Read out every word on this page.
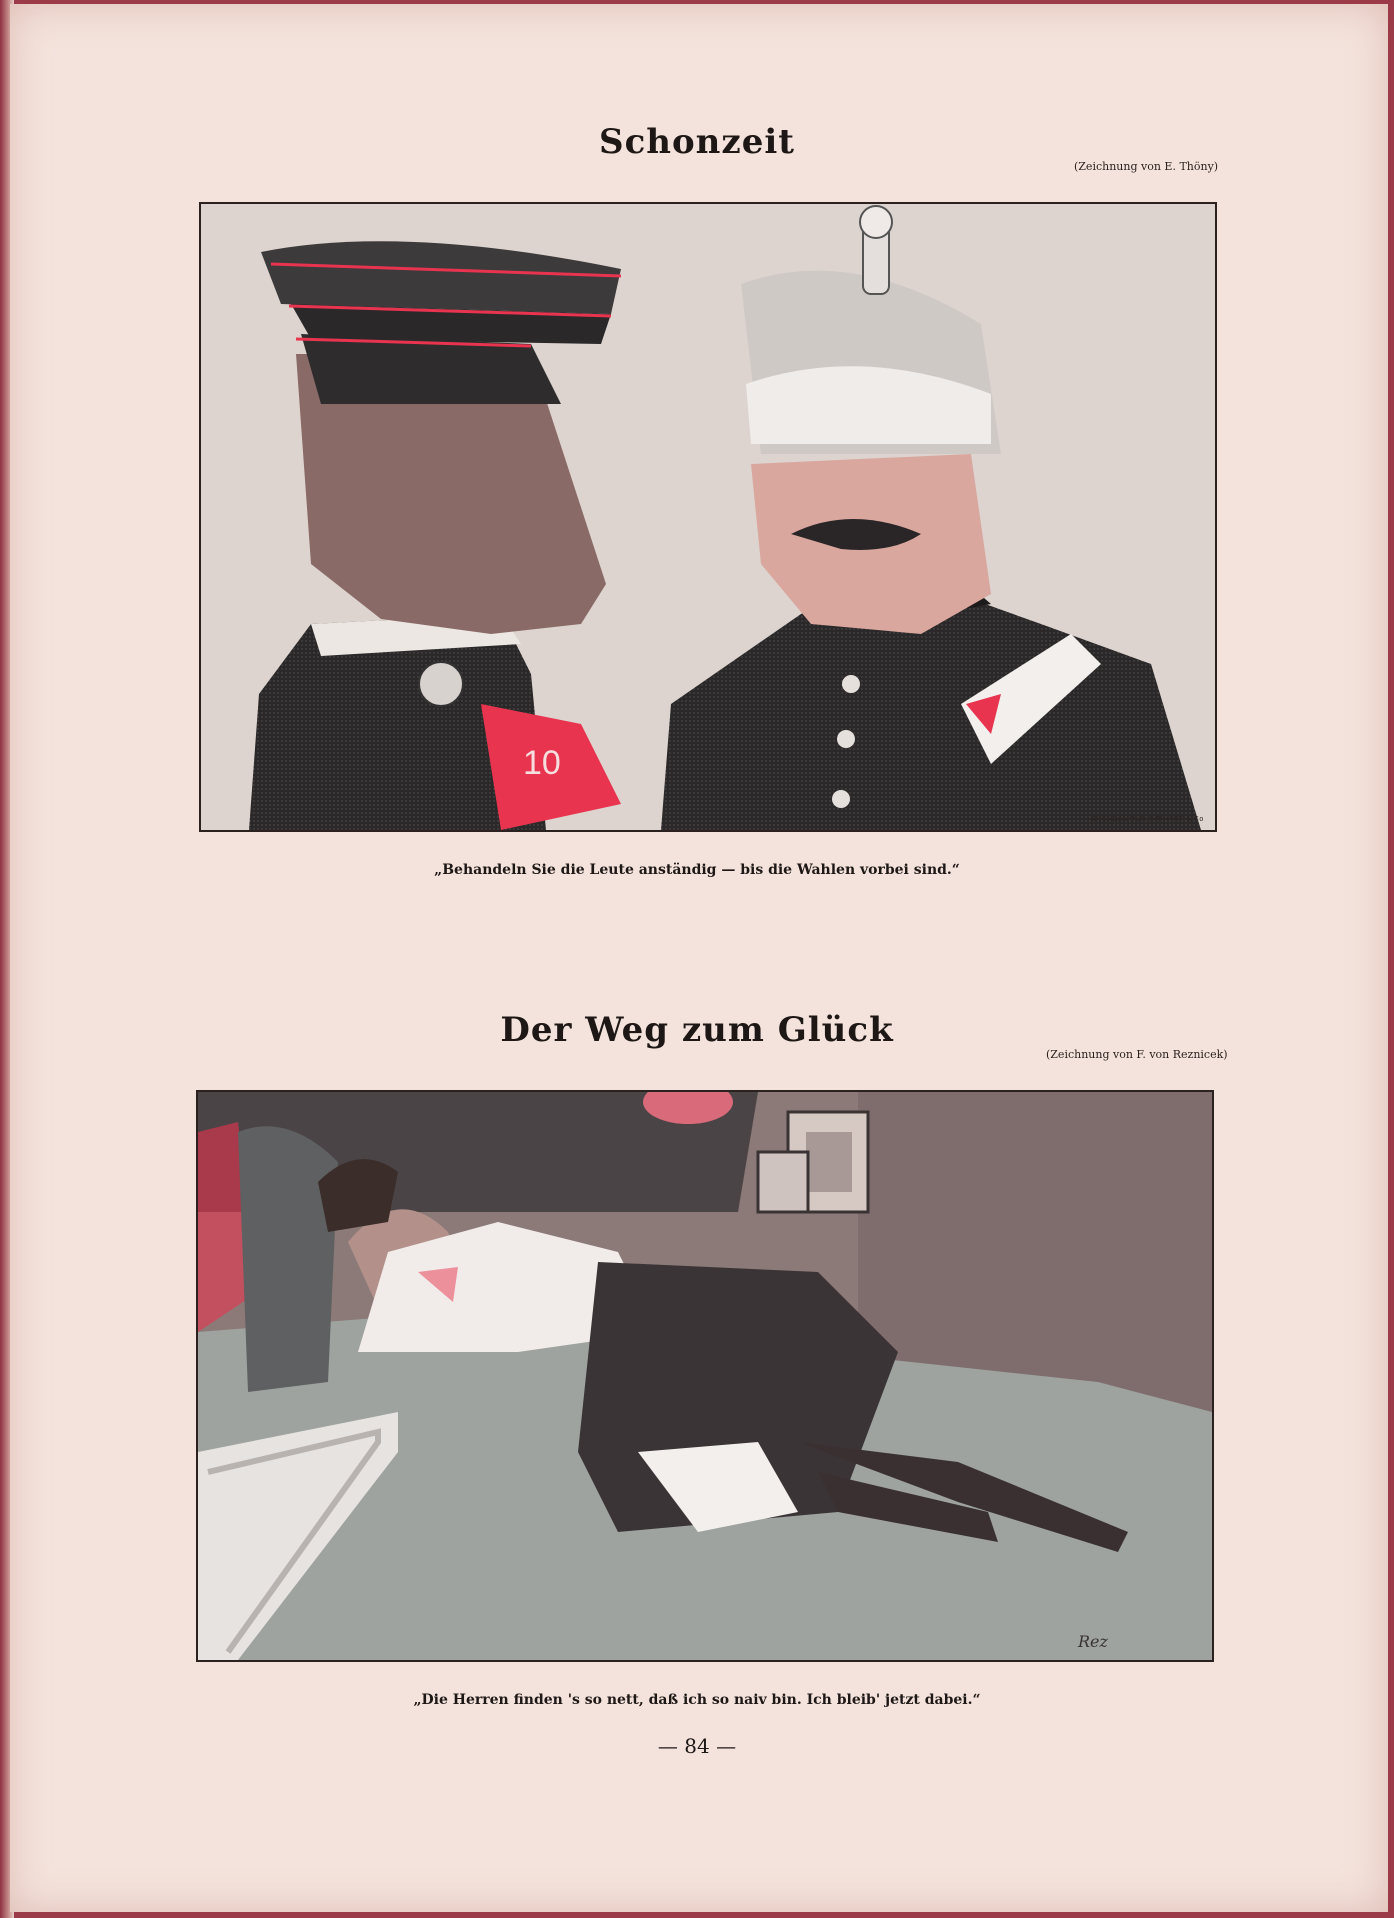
Schonzeit
(Zeichnung von E. Thöny)
10
BRENDAMOUR SIMHART & Co
„Behandeln Sie die Leute anständig — bis die Wahlen vorbei sind.“
Der Weg zum Glück
(Zeichnung von F. von Reznicek)
Rez
„Die Herren finden 's so nett, daß ich so naiv bin. Ich bleib' jetzt dabei.“
— 84 —
